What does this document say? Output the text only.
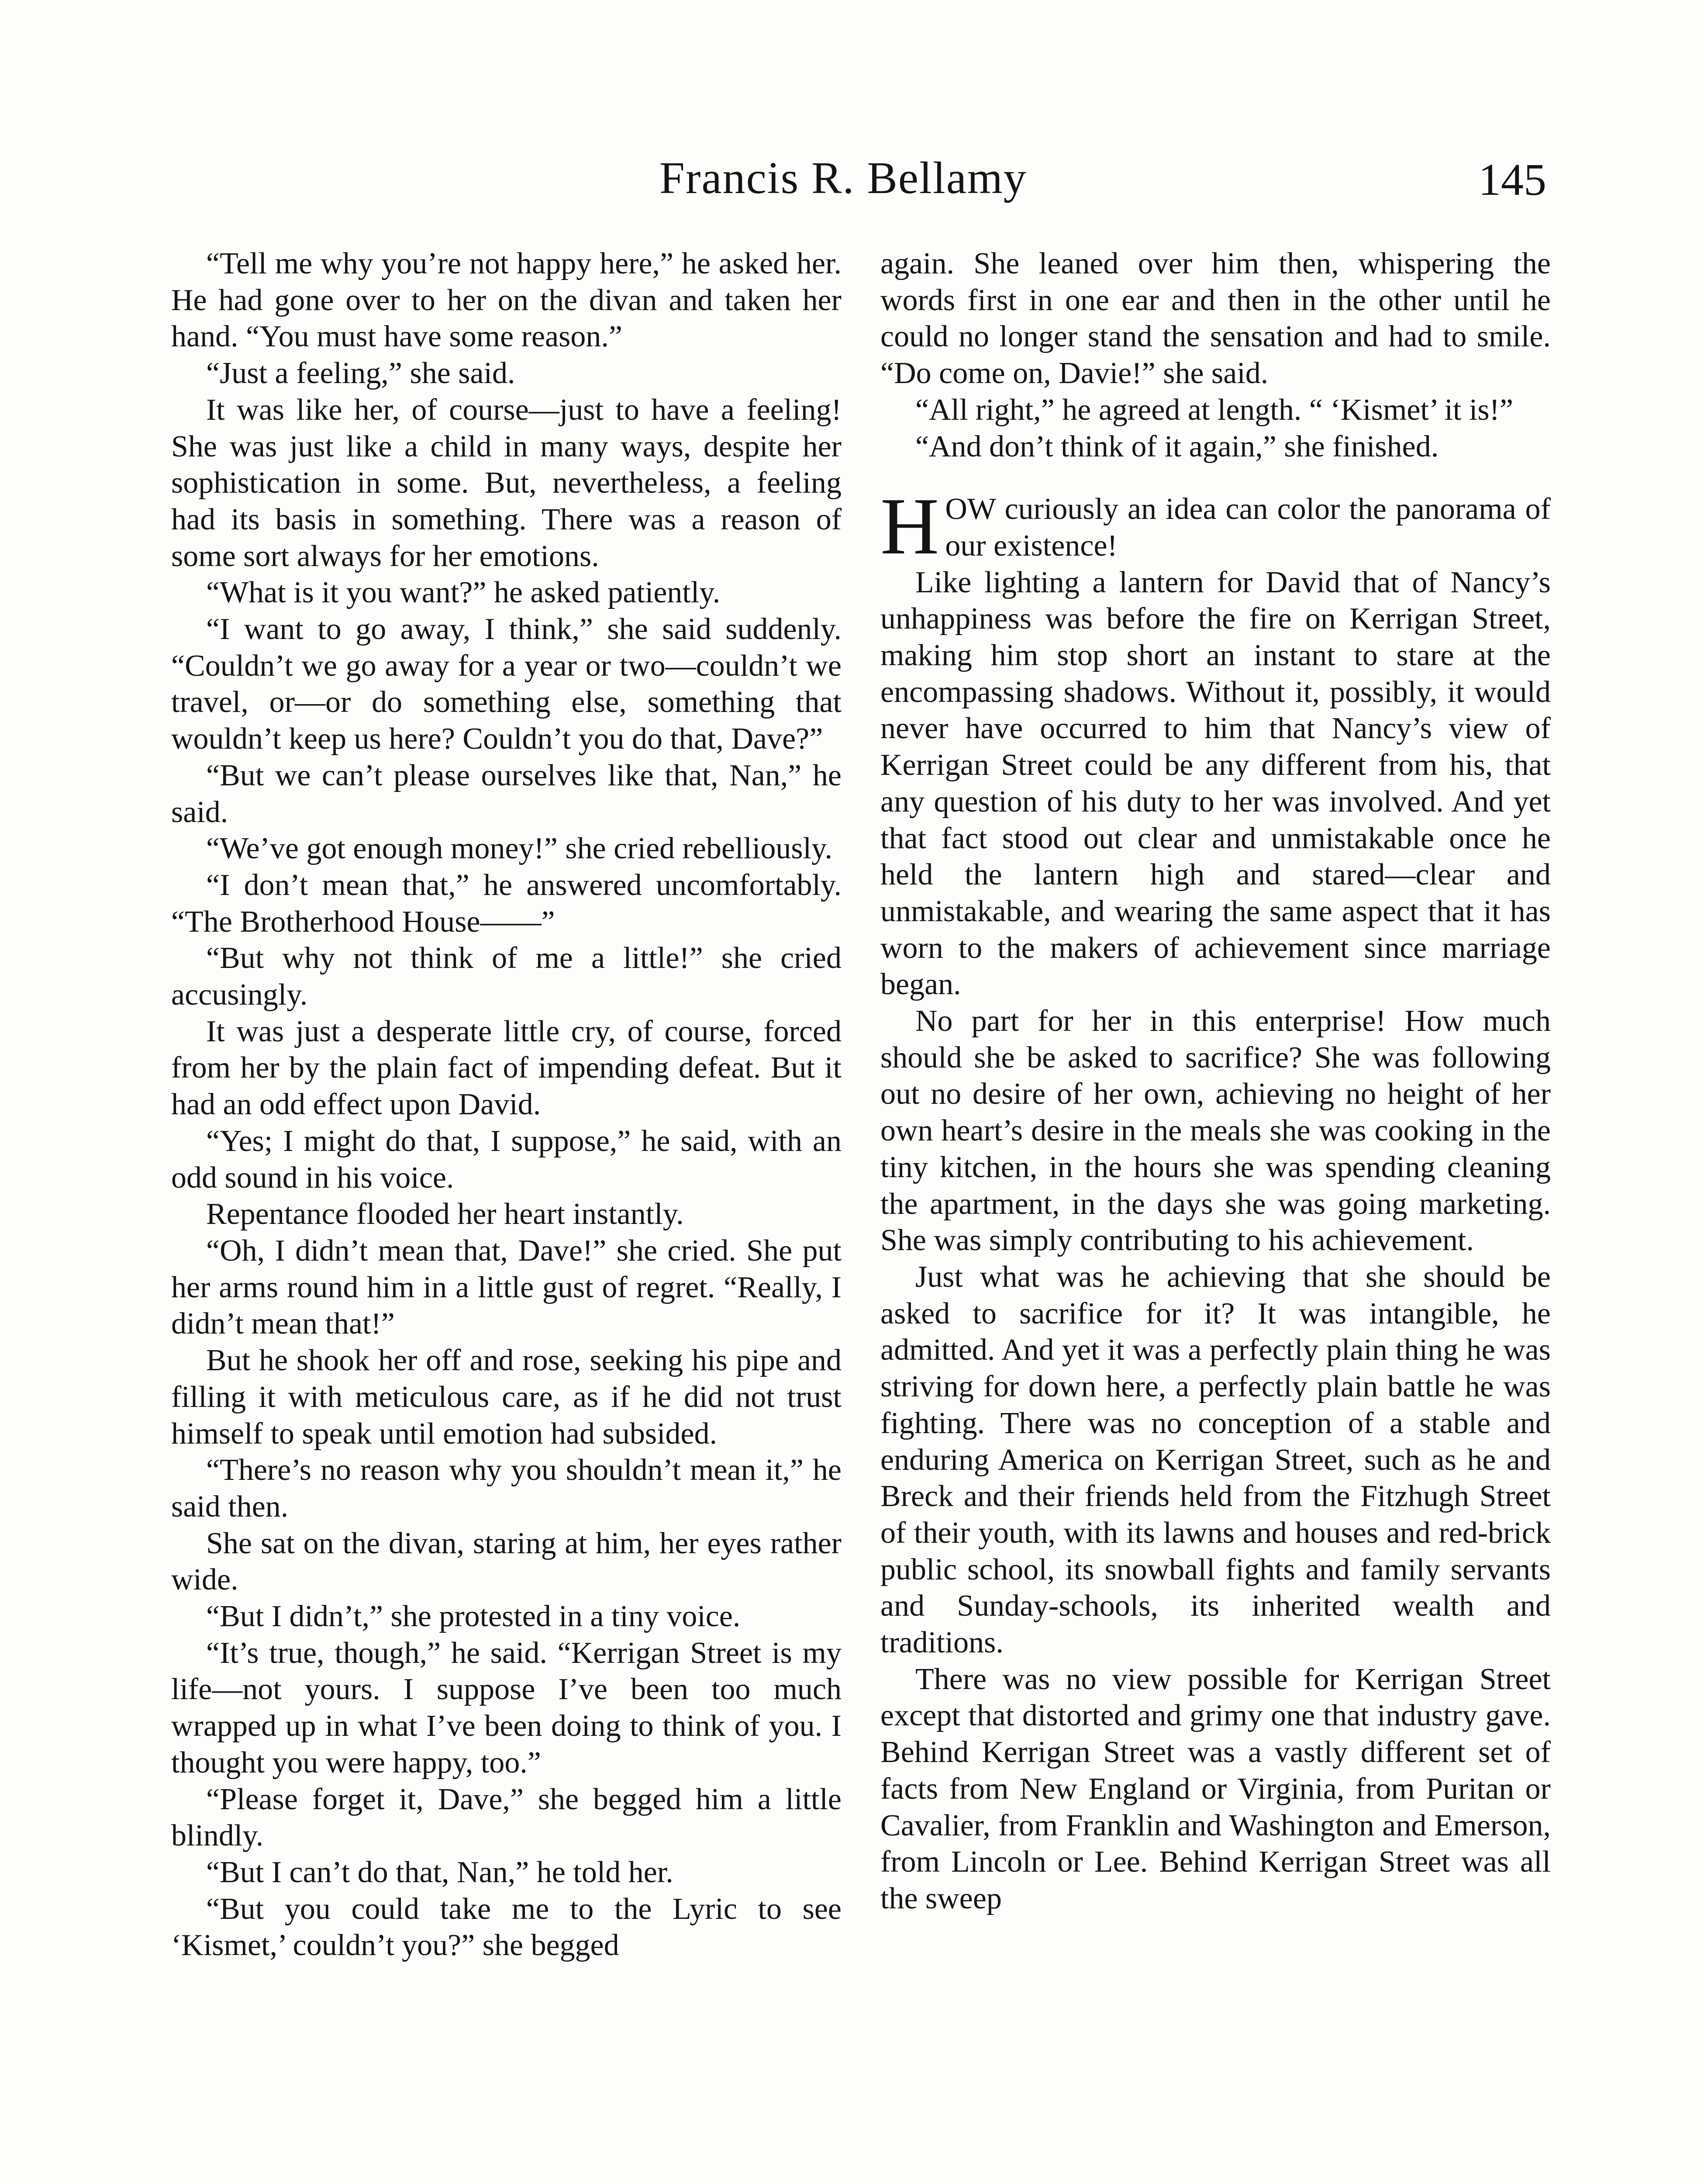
Francis R. Bellamy	145

“Tell me why you’re not happy here,” he asked her. He had gone over to her on the divan and taken her hand. “You must have some reason.”

“Just a feeling,” she said.

It was like her, of course—just to have a feeling! She was just like a child in many ways, despite her sophistication in some. But, nevertheless, a feeling had its basis in something. There was a reason of some sort always for her emotions.

“What is it you want?” he asked patiently.

“I want to go away, I think,” she said suddenly. “Couldn’t we go away for a year or two—couldn’t we travel, or—or do something else, something that wouldn’t keep us here? Couldn’t you do that, Dave?”

“But we can’t please ourselves like that, Nan,” he said.

“We’ve got enough money!” she cried rebelliously.

“I don’t mean that,” he answered uncomfortably. “The Brotherhood House——”

“But why not think of me a little!” she cried accusingly.

It was just a desperate little cry, of course, forced from her by the plain fact of impending defeat. But it had an odd effect upon David.

“Yes; I might do that, I suppose,” he said, with an odd sound in his voice.

Repentance flooded her heart instantly.

“Oh, I didn’t mean that, Dave!” she cried. She put her arms round him in a little gust of regret. “Really, I didn’t mean that!”

But he shook her off and rose, seeking his pipe and filling it with meticulous care, as if he did not trust himself to speak until emotion had subsided.

“There’s no reason why you shouldn’t mean it,” he said then.

She sat on the divan, staring at him, her eyes rather wide.

“But I didn’t,” she protested in a tiny voice.

“It’s true, though,” he said. “Kerrigan Street is my life—not yours. I suppose I’ve been too much wrapped up in what I’ve been doing to think of you. I thought you were happy, too.”

“Please forget it, Dave,” she begged him a little blindly.

“But I can’t do that, Nan,” he told her.

“But you could take me to the Lyric to see ‘Kismet,’ couldn’t you?” she begged

again. She leaned over him then, whispering the words first in one ear and then in the other until he could no longer stand the sensation and had to smile. “Do come on, Davie!” she said.

“All right,” he agreed at length. “ ‘Kismet’ it is!”

“And don’t think of it again,” she finished.

HOW curiously an idea can color the panorama of our existence!

Like lighting a lantern for David that of Nancy’s unhappiness was before the fire on Kerrigan Street, making him stop short an instant to stare at the encompassing shadows. Without it, possibly, it would never have occurred to him that Nancy’s view of Kerrigan Street could be any different from his, that any question of his duty to her was involved. And yet that fact stood out clear and unmistakable once he held the lantern high and stared—clear and unmistakable, and wearing the same aspect that it has worn to the makers of achievement since marriage began.

No part for her in this enterprise! How much should she be asked to sacrifice? She was following out no desire of her own, achieving no height of her own heart’s desire in the meals she was cooking in the tiny kitchen, in the hours she was spending cleaning the apartment, in the days she was going marketing. She was simply contributing to his achievement.

Just what was he achieving that she should be asked to sacrifice for it? It was intangible, he admitted. And yet it was a perfectly plain thing he was striving for down here, a perfectly plain battle he was fighting. There was no conception of a stable and enduring America on Kerrigan Street, such as he and Breck and their friends held from the Fitzhugh Street of their youth, with its lawns and houses and red-brick public school, its snowball fights and family servants and Sunday-schools, its inherited wealth and traditions.

There was no view possible for Kerrigan Street except that distorted and grimy one that industry gave. Behind Kerrigan Street was a vastly different set of facts from New England or Virginia, from Puritan or Cavalier, from Franklin and Washington and Emerson, from Lincoln or Lee. Behind Kerrigan Street was all the sweep
